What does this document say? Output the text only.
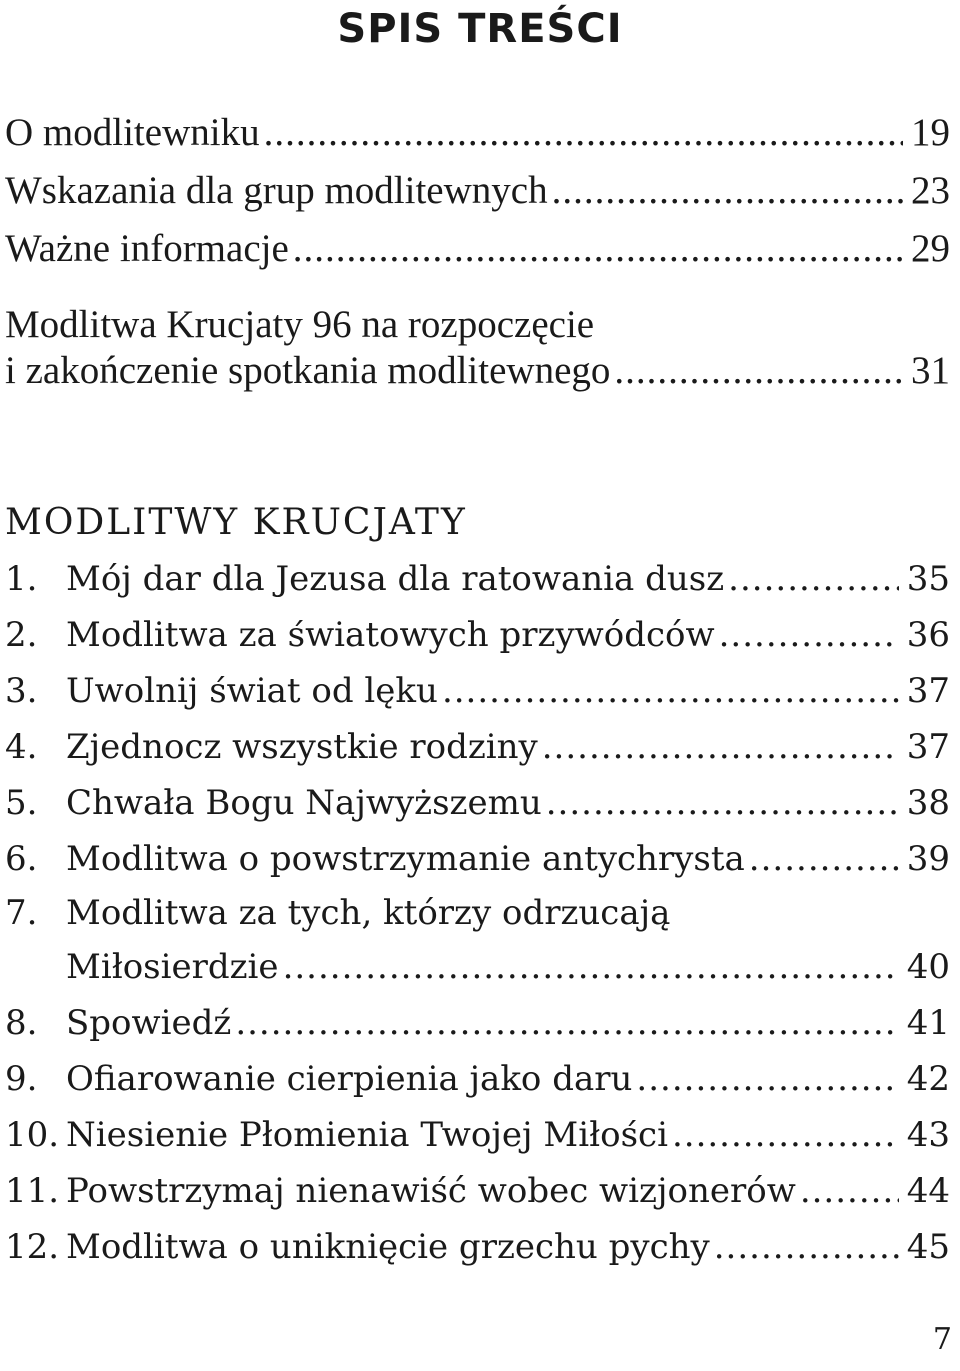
SPIS TREŚCI
O modlitewniku .....	19
Wskazania dla grup modlitewnych .....	23
Ważne informacje .....	29
Modlitwa Krucjaty 96 na rozpoczęcie
i zakończenie spotkania modlitewnego .....	31
MODLITWY KRUCJATY
1. Mój dar dla Jezusa dla ratowania dusz .....	35
2. Modlitwa za światowych przywódców .....	36
3. Uwolnij świat od lęku .....	37
4. Zjednocz wszystkie rodziny .....	37
5. Chwała Bogu Najwyższemu .....	38
6. Modlitwa o powstrzymanie antychrysta .....	39
7. Modlitwa za tych, którzy odrzucają
Miłosierdzie .....	40
8. Spowiedź .....	41
9. Ofiarowanie cierpienia jako daru .....	42
10. Niesienie Płomienia Twojej Miłości .....	43
11. Powstrzymaj nienawiść wobec wizjonerów .....	44
12. Modlitwa o uniknięcie grzechu pychy .....	45
7
